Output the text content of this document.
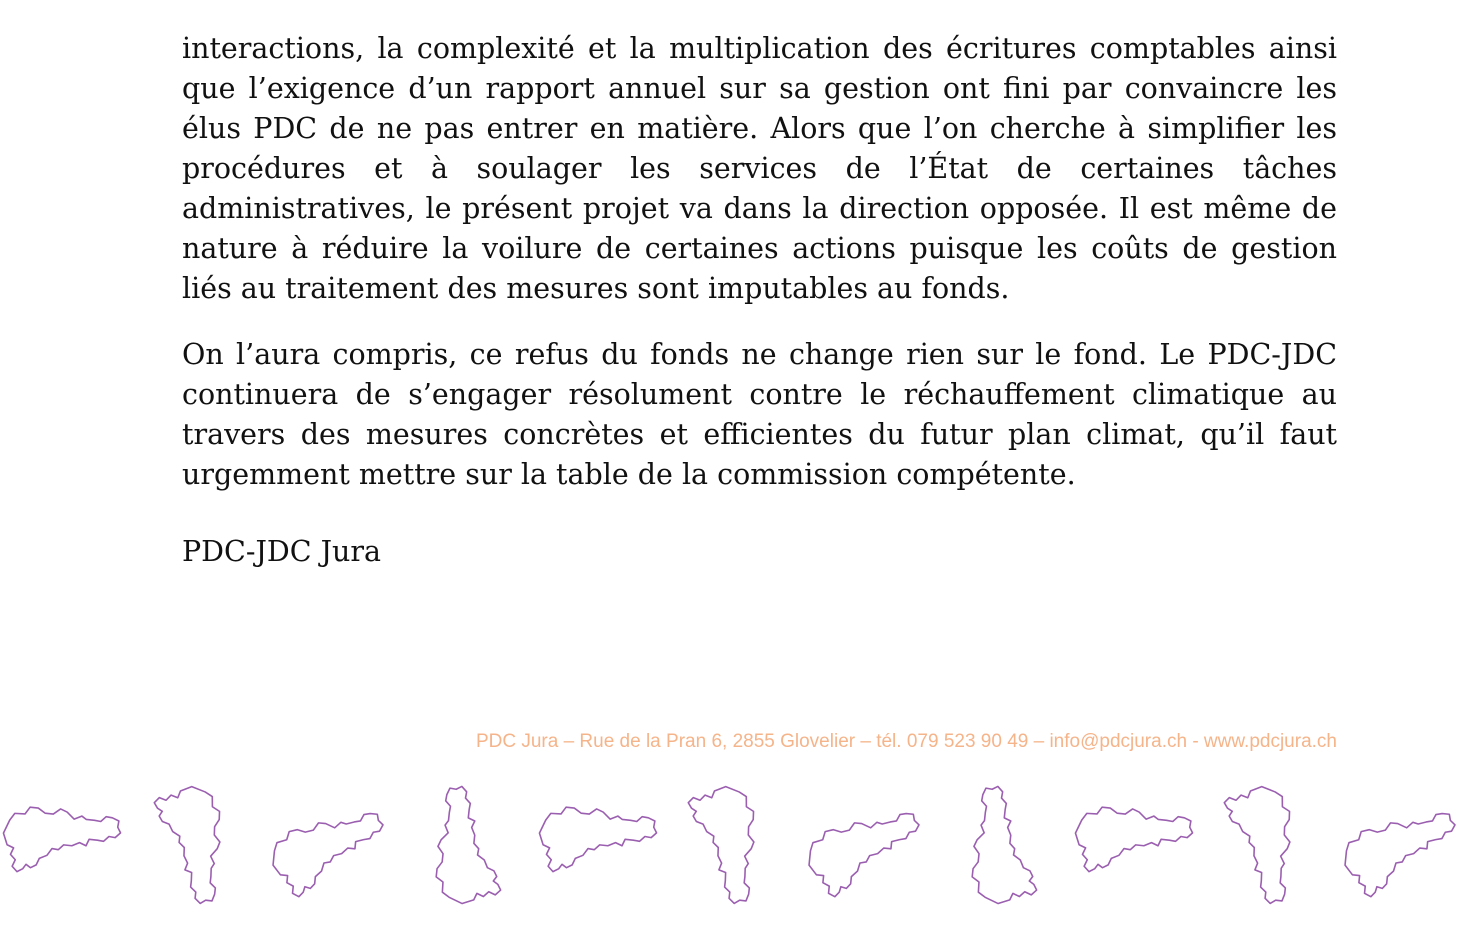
interactions, la complexité et la multiplication des écritures comptables ainsi que l’exigence d’un rapport annuel sur sa gestion ont fini par convaincre les élus PDC de ne pas entrer en matière. Alors que l’on cherche à simplifier les procédures et à soulager les services de l’État de certaines tâches administratives, le présent projet va dans la direction opposée. Il est même de nature à réduire la voilure de certaines actions puisque les coûts de gestion liés au traitement des mesures sont imputables au fonds.

On l’aura compris, ce refus du fonds ne change rien sur le fond. Le PDC-JDC continuera de s’engager résolument contre le réchauffement climatique au travers des mesures concrètes et efficientes du futur plan climat, qu’il faut urgemment mettre sur la table de la commission compétente.

PDC-JDC Jura

PDC Jura – Rue de la Pran 6, 2855 Glovelier – tél. 079 523 90 49 – info@pdcjura.ch - www.pdcjura.ch
